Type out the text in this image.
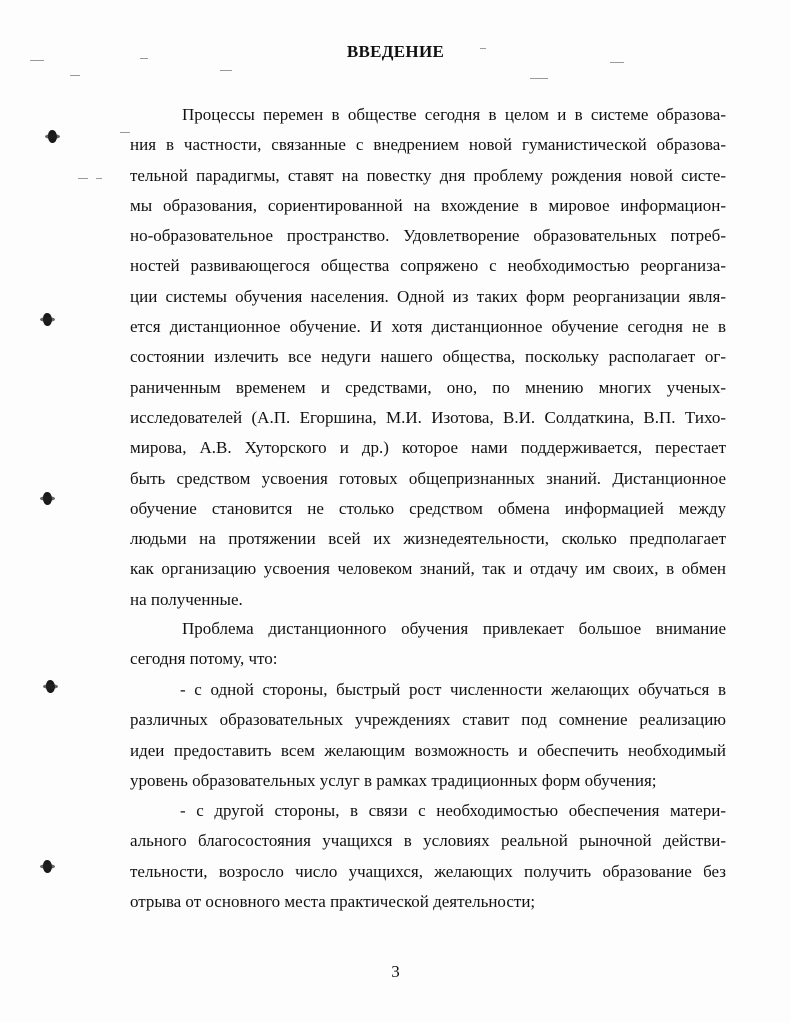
ВВЕДЕНИЕ
Процессы перемен в обществе сегодня в целом и в системе образова-
ния в частности, связанные с внедрением новой гуманистической образова-
тельной парадигмы, ставят на повестку дня проблему рождения новой систе-
мы образования, сориентированной на вхождение в мировое информацион-
но-образовательное пространство. Удовлетворение образовательных потреб-
ностей развивающегося общества сопряжено с необходимостью реорганиза-
ции системы обучения населения. Одной из таких форм реорганизации явля-
ется дистанционное обучение. И хотя дистанционное обучение сегодня не в
состоянии излечить все недуги нашего общества, поскольку располагает ог-
раниченным временем и средствами, оно, по мнению многих ученых-
исследователей (А.П. Егоршина, М.И. Изотова, В.И. Солдаткина, В.П. Тихо-
мирова, А.В. Хуторского и др.) которое нами поддерживается, перестает
быть средством усвоения готовых общепризнанных знаний. Дистанционное
обучение становится не столько средством обмена информацией между
людьми на протяжении всей их жизнедеятельности, сколько предполагает
как организацию усвоения человеком знаний, так и отдачу им своих, в обмен
на полученные.
Проблема дистанционного обучения привлекает большое внимание
сегодня потому, что:
- с одной стороны, быстрый рост численности желающих обучаться в
различных образовательных учреждениях ставит под сомнение реализацию
идеи предоставить всем желающим возможность и обеспечить необходимый
уровень образовательных услуг в рамках традиционных форм обучения;
- с другой стороны, в связи с необходимостью обеспечения матери-
ального благосостояния учащихся в условиях реальной рыночной действи-
тельности, возросло число учащихся, желающих получить образование без
отрыва от основного места практической деятельности;
3
